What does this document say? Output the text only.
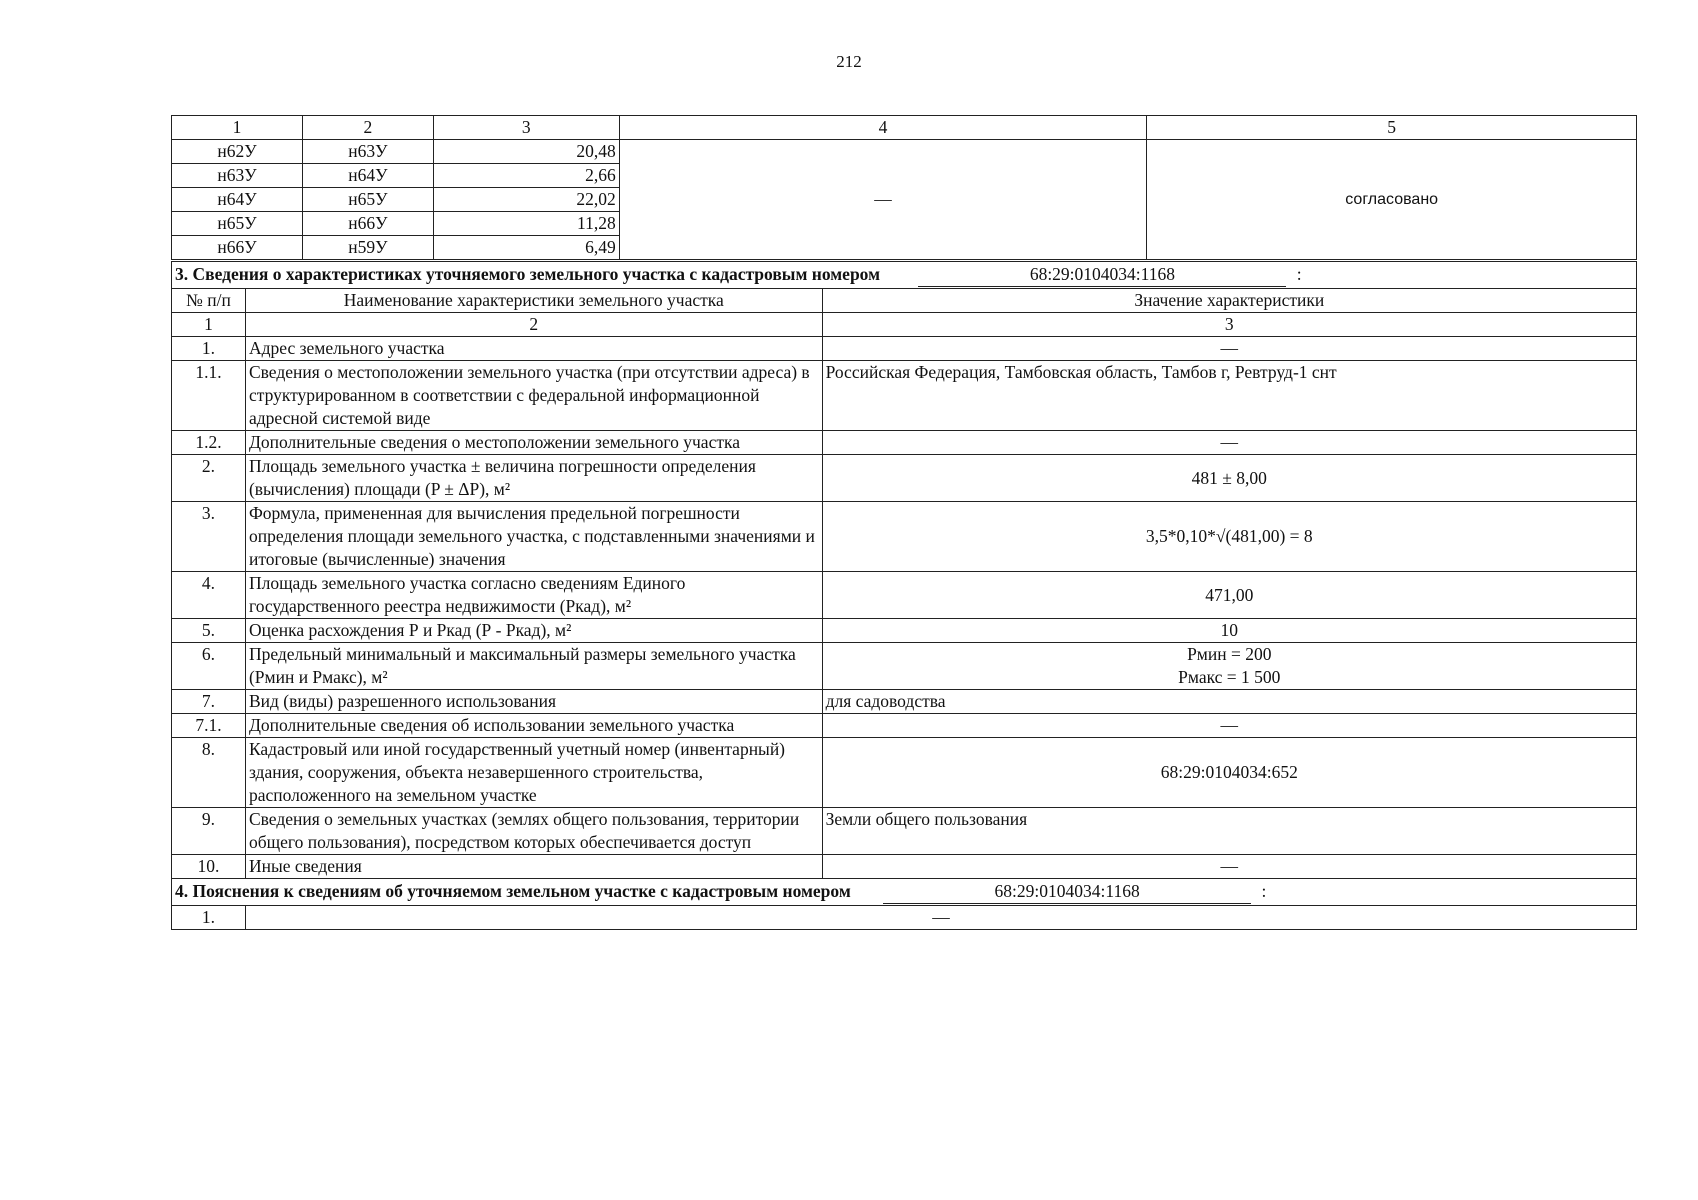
212
1	2	3	4	5
н62У	н63У	20,48	—	согласовано
н63У	н64У	2,66		
н64У	н65У	22,02		
н65У	н66У	11,28		
н66У	н59У	6,49		
3. Сведения о характеристиках уточняемого земельного участка с кадастровым номером 68:29:0104034:1168 :		
№ п/п	Наименование характеристики земельного участка	Значение характеристики
1	2	3
1.	Адрес земельного участка	—
1.1.	Сведения о местоположении земельного участка (при отсутствии адреса) в структурированном в соответствии с федеральной информационной адресной системой виде	Российская Федерация, Тамбовская область, Тамбов г, Ревтруд-1 снт
1.2.	Дополнительные сведения о местоположении земельного участка	—
2.	Площадь земельного участка ± величина погрешности определения (вычисления) площади (P ± ΔP), м²	481 ± 8,00
3.	Формула, примененная для вычисления предельной погрешности определения площади земельного участка, с подставленными значениями и итоговые (вычисленные) значения	3,5*0,10*√(481,00) = 8
4.	Площадь земельного участка согласно сведениям Единого государственного реестра недвижимости (Ркад), м²	471,00
5.	Оценка расхождения Р и Ркад (Р - Ркад), м²	10
6.	Предельный минимальный и максимальный размеры земельного участка (Рмин и Рмакс), м²	Рмин = 200
Рмакс = 1 500

7.	Вид (виды) разрешенного использования	для садоводства
7.1.	Дополнительные сведения об использовании земельного участка	—
8.	Кадастровый или иной государственный учетный номер (инвентарный) здания, сооружения, объекта незавершенного строительства, расположенного на земельном участке	68:29:0104034:652
9.	Сведения о земельных участках (землях общего пользования, территории общего пользования), посредством которых обеспечивается доступ	Земли общего пользования
10.	Иные сведения	—
4. Пояснения к сведениям об уточняемом земельном участке с кадастровым номером 68:29:0104034:1168 :		
1.	—	
